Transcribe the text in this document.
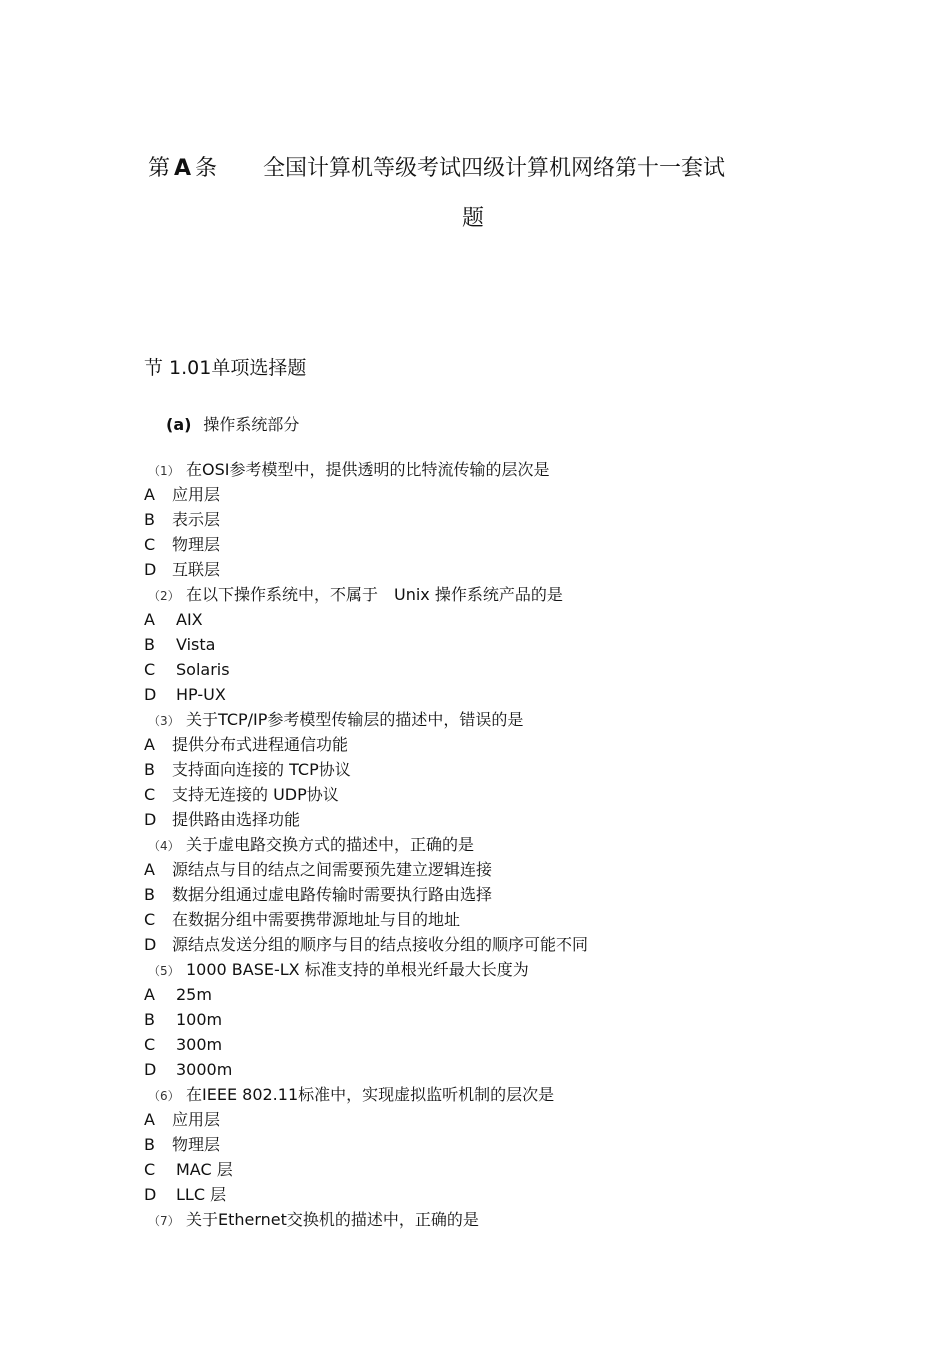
第 A 条 全国计算机等级考试四级计算机网络第十一套试
题
节 1.01单项选择题
(a) 操作系统部分
（1） 在OSI参考模型中，提供透明的比特流传输的层次是
A 应用层
B 表示层
C 物理层
D 互联层
（2） 在以下操作系统中，不属于　Unix 操作系统产品的是
A AIX
B Vista
C Solaris
D HP-UX
（3） 关于TCP/IP参考模型传输层的描述中，错误的是
A 提供分布式进程通信功能
B 支持面向连接的 TCP协议
C 支持无连接的 UDP协议
D 提供路由选择功能
（4） 关于虚电路交换方式的描述中，正确的是
A 源结点与目的结点之间需要预先建立逻辑连接
B 数据分组通过虚电路传输时需要执行路由选择
C 在数据分组中需要携带源地址与目的地址
D 源结点发送分组的顺序与目的结点接收分组的顺序可能不同
（5） 1000 BASE-LX 标准支持的单根光纤最大长度为
A 25m
B 100m
C 300m
D 3000m
（6） 在IEEE 802.11标准中，实现虚拟监听机制的层次是
A 应用层
B 物理层
C MAC 层
D LLC 层
（7） 关于Ethernet交换机的描述中，正确的是
